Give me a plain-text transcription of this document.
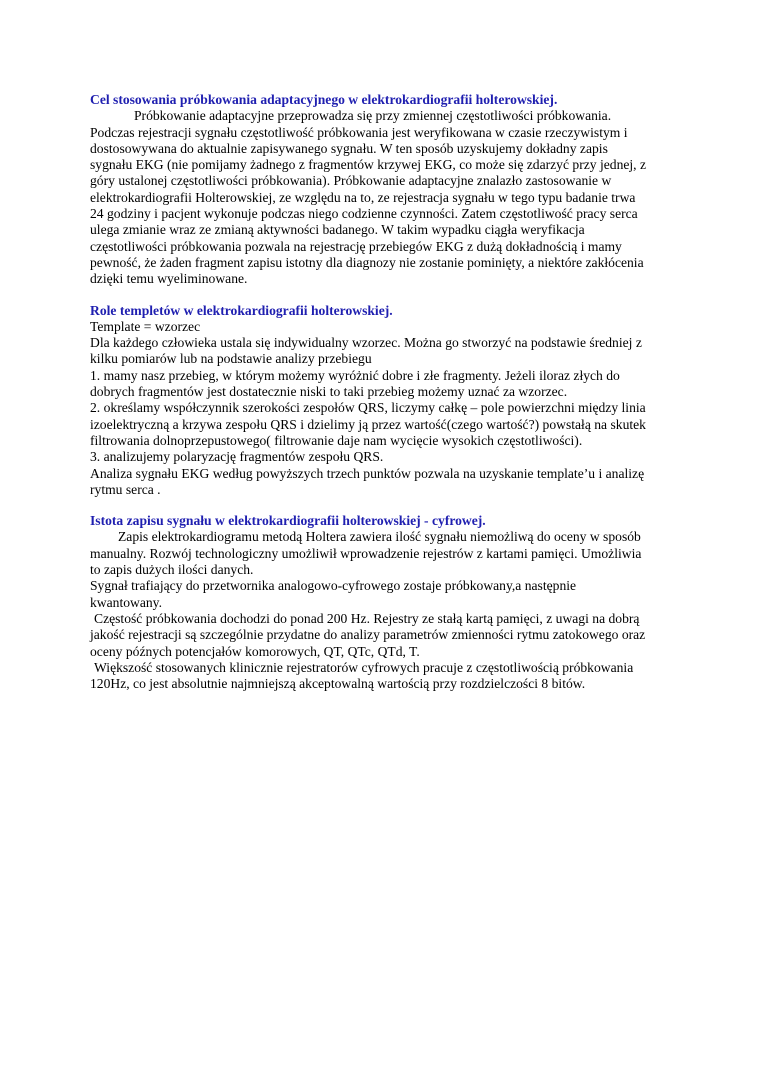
Cel stosowania próbkowania adaptacyjnego w elektrokardiografii holterowskiej.

Próbkowanie adaptacyjne przeprowadza się przy zmiennej częstotliwości próbkowania.

Podczas rejestracji sygnału częstotliwość próbkowania jest weryfikowana w czasie rzeczywistym i

dostosowywana do aktualnie zapisywanego sygnału. W ten sposób uzyskujemy dokładny zapis

sygnału EKG (nie pomijamy żadnego z fragmentów krzywej EKG, co może się zdarzyć przy jednej, z

góry ustalonej częstotliwości próbkowania). Próbkowanie adaptacyjne znalazło zastosowanie w

elektrokardiografii Holterowskiej, ze względu na to, ze rejestracja sygnału w tego typu badanie trwa

24 godziny i pacjent wykonuje podczas niego codzienne czynności. Zatem częstotliwość pracy serca

ulega zmianie wraz ze zmianą aktywności badanego. W takim wypadku ciągła weryfikacja

częstotliwości próbkowania pozwala na rejestrację przebiegów EKG z dużą dokładnością i mamy

pewność, że żaden fragment zapisu istotny dla diagnozy nie zostanie pominięty, a niektóre zakłócenia

dzięki temu wyeliminowane.

Role templetów w elektrokardiografii holterowskiej.

Template = wzorzec

Dla każdego człowieka ustala się indywidualny wzorzec. Można go stworzyć na podstawie średniej z

kilku pomiarów lub na podstawie analizy przebiegu

1. mamy nasz przebieg, w którym możemy wyróżnić dobre i złe fragmenty. Jeżeli iloraz złych do

dobrych fragmentów jest dostatecznie niski to taki przebieg możemy uznać za wzorzec.

2. określamy współczynnik szerokości zespołów QRS, liczymy całkę – pole powierzchni między linia

izoelektryczną a krzywa zespołu QRS i dzielimy ją przez wartość(czego wartość?) powstałą na skutek

filtrowania dolnoprzepustowego( filtrowanie daje nam wycięcie wysokich częstotliwości).

3. analizujemy polaryzację fragmentów zespołu QRS.

Analiza sygnału EKG według powyższych trzech punktów pozwala na uzyskanie template’u i analizę

rytmu serca .

Istota zapisu sygnału w elektrokardiografii holterowskiej - cyfrowej.

Zapis elektrokardiogramu metodą Holtera zawiera ilość sygnału niemożliwą do oceny w sposób

manualny. Rozwój technologiczny umożliwił wprowadzenie rejestrów z kartami pamięci. Umożliwia

to zapis dużych ilości danych.

Sygnał trafiający do przetwornika analogowo-cyfrowego zostaje próbkowany,a następnie

kwantowany.

Częstość próbkowania dochodzi do ponad 200 Hz. Rejestry ze stałą kartą pamięci, z uwagi na dobrą

jakość rejestracji są szczególnie przydatne do analizy parametrów zmienności rytmu zatokowego oraz

oceny późnych potencjałów komorowych, QT, QTc, QTd, T.

Większość stosowanych klinicznie rejestratorów cyfrowych pracuje z częstotliwością próbkowania

120Hz, co jest absolutnie najmniejszą akceptowalną wartością przy rozdzielczości 8 bitów.
